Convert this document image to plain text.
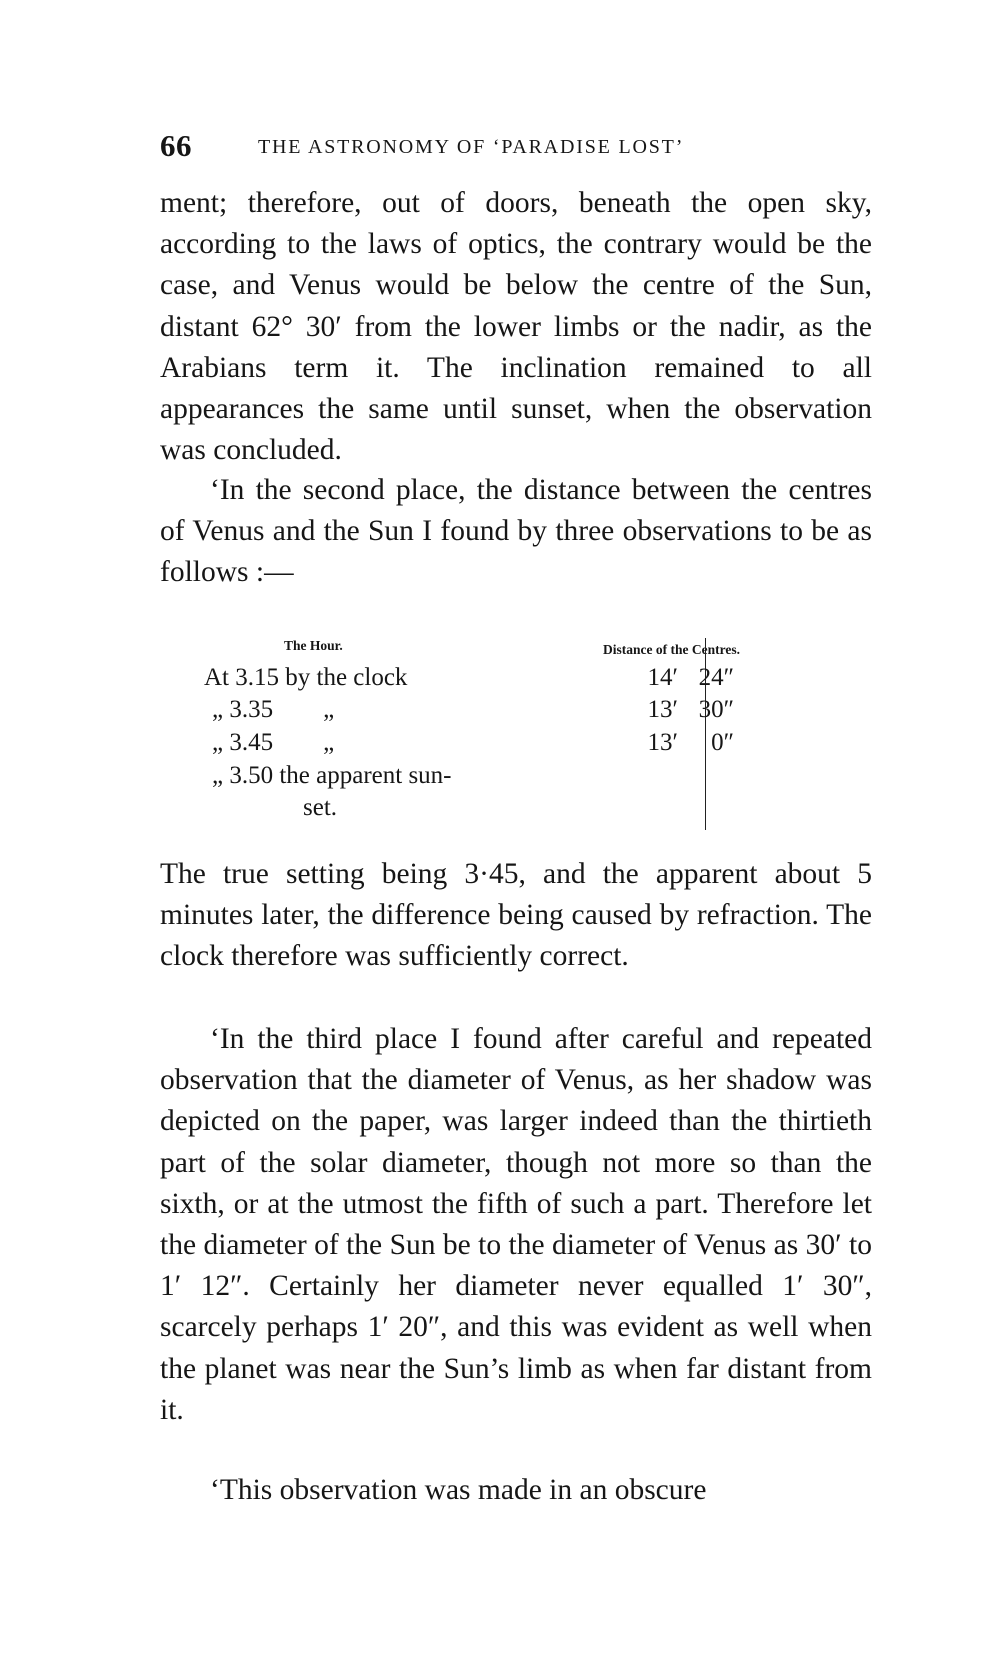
66	THE ASTRONOMY OF ‘PARADISE LOST’

ment; therefore, out of doors, beneath the open sky, according to the laws of optics, the contrary would be the case, and Venus would be below the centre of the Sun, distant 62° 30′ from the lower limbs or the nadir, as the Arabians term it. The inclination remained to all appearances the same until sunset, when the observation was concluded.

‘In the second place, the distance between the centres of Venus and the Sun I found by three observations to be as follows :—

The Hour.	Distance of the Centres.
At 3.15 by the clock
„ 3.35        „
„ 3.45        „
„ 3.50 the apparent sun-
set.
14′ 24″
13′ 30″
13′ 0″

The true setting being 3·45, and the apparent about 5 minutes later, the difference being caused by refraction. The clock therefore was sufficiently correct.

‘In the third place I found after careful and repeated observation that the diameter of Venus, as her shadow was depicted on the paper, was larger indeed than the thirtieth part of the solar diameter, though not more so than the sixth, or at the utmost the fifth of such a part. Therefore let the diameter of the Sun be to the diameter of Venus as 30′ to 1′ 12″. Certainly her diameter never equalled 1′ 30″, scarcely perhaps 1′ 20″, and this was evident as well when the planet was near the Sun’s limb as when far distant from it.

‘This observation was made in an obscure
